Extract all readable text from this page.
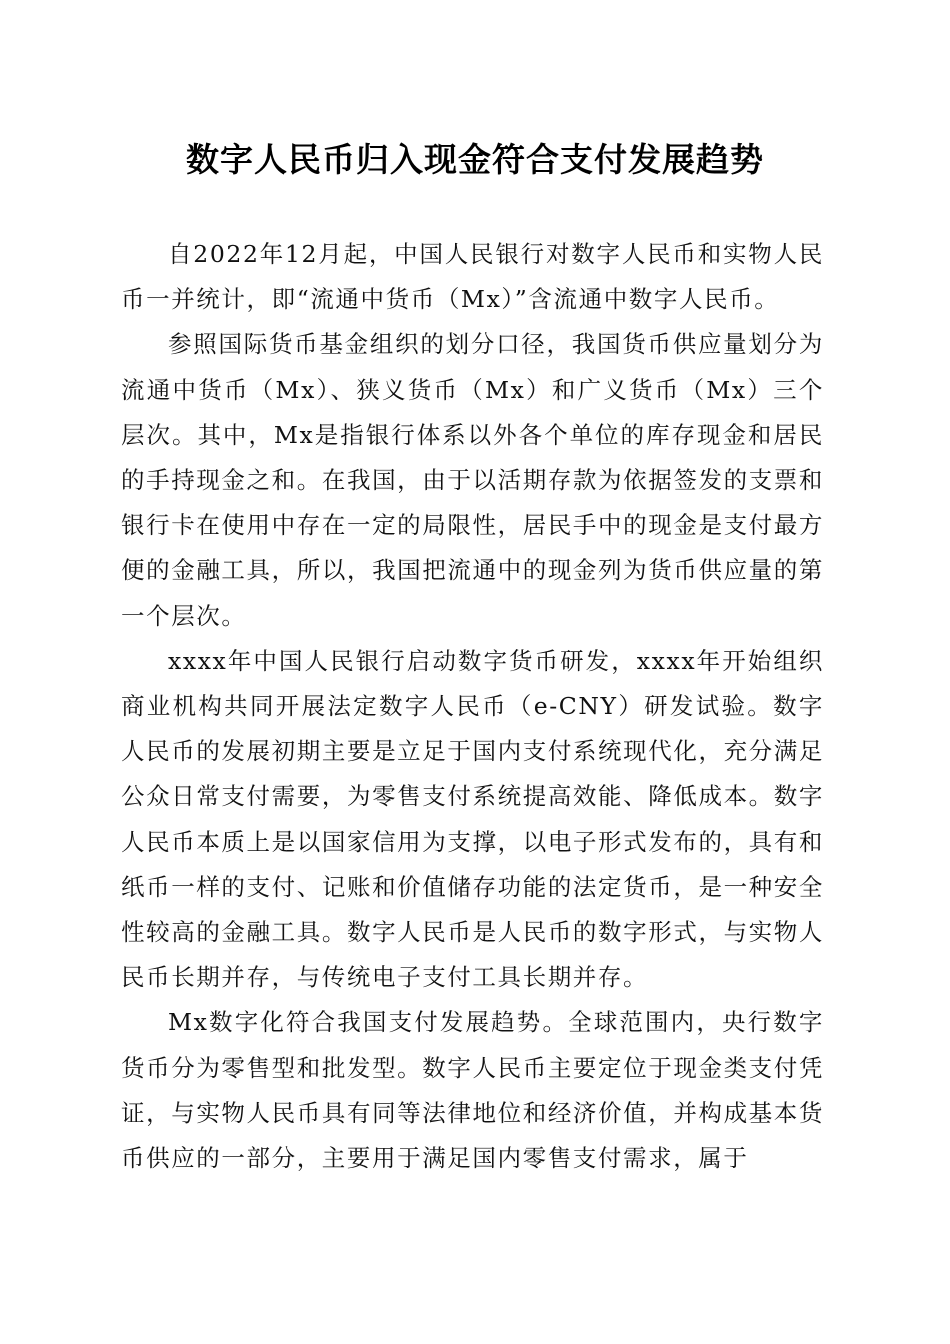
数字人民币归入现金符合支付发展趋势

自2022年12月起，中国人民银行对数字人民币和实物人民币一并统计，即“流通中货币（Mx）”含流通中数字人民币。

参照国际货币基金组织的划分口径，我国货币供应量划分为流通中货币（Mx）、狭义货币（Mx）和广义货币（Mx）三个层次。其中，Mx是指银行体系以外各个单位的库存现金和居民的手持现金之和。在我国，由于以活期存款为依据签发的支票和银行卡在使用中存在一定的局限性，居民手中的现金是支付最方便的金融工具，所以，我国把流通中的现金列为货币供应量的第一个层次。

xxxx年中国人民银行启动数字货币研发，xxxx年开始组织商业机构共同开展法定数字人民币（e-CNY）研发试验。数字人民币的发展初期主要是立足于国内支付系统现代化，充分满足公众日常支付需要，为零售支付系统提高效能、降低成本。数字人民币本质上是以国家信用为支撑，以电子形式发布的，具有和纸币一样的支付、记账和价值储存功能的法定货币，是一种安全性较高的金融工具。数字人民币是人民币的数字形式，与实物人民币长期并存，与传统电子支付工具长期并存。

Mx数字化符合我国支付发展趋势。全球范围内，央行数字货币分为零售型和批发型。数字人民币主要定位于现金类支付凭证，与实物人民币具有同等法律地位和经济价值，并构成基本货币供应的一部分，主要用于满足国内零售支付需求，属于
